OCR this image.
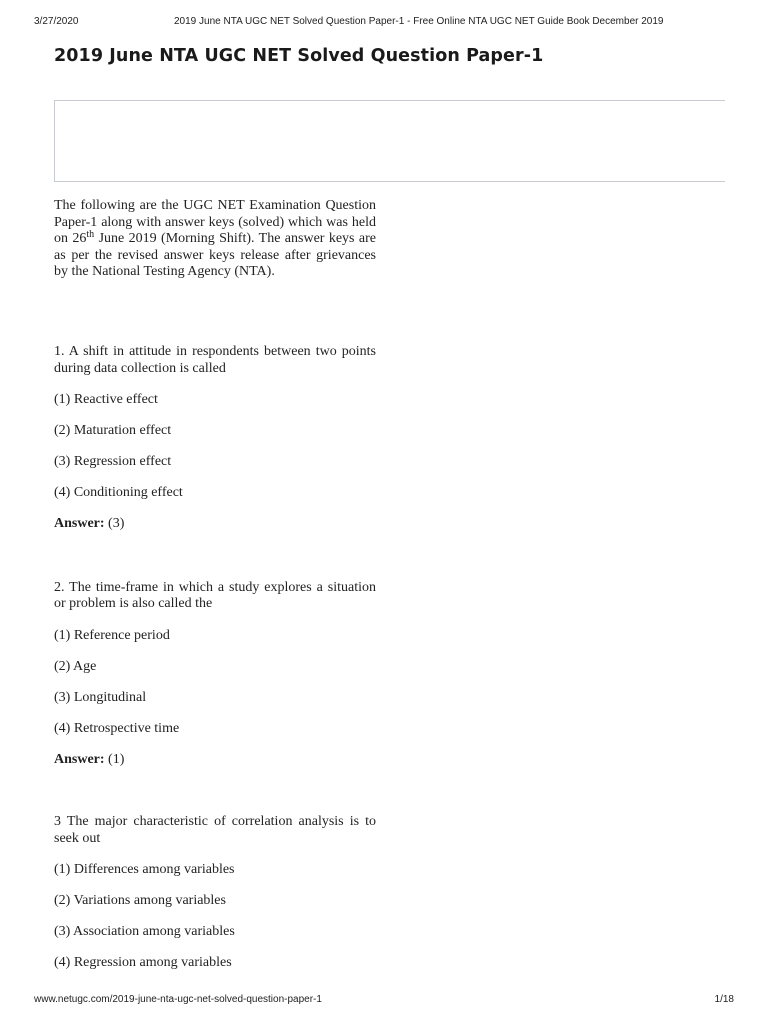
3/27/2020	2019 June NTA UGC NET Solved Question Paper-1 - Free Online NTA UGC NET Guide Book December 2019
2019 June NTA UGC NET Solved Question Paper-1

The following are the UGC NET Examination Question Paper-1 along with answer keys (solved) which was held on 26th June 2019 (Morning Shift). The answer keys are as per the revised answer keys release after grievances by the National Testing Agency (NTA).

1. A shift in attitude in respondents between two points during data collection is called

(1) Reactive effect

(2) Maturation effect

(3) Regression effect

(4) Conditioning effect

Answer: (3)

2. The time-frame in which a study explores a situation or problem is also called the

(1) Reference period

(2) Age

(3) Longitudinal

(4) Retrospective time

Answer: (1)

3 The major characteristic of correlation analysis is to seek out

(1) Differences among variables

(2) Variations among variables

(3) Association among variables

(4) Regression among variables

www.netugc.com/2019-june-nta-ugc-net-solved-question-paper-1	1/18
